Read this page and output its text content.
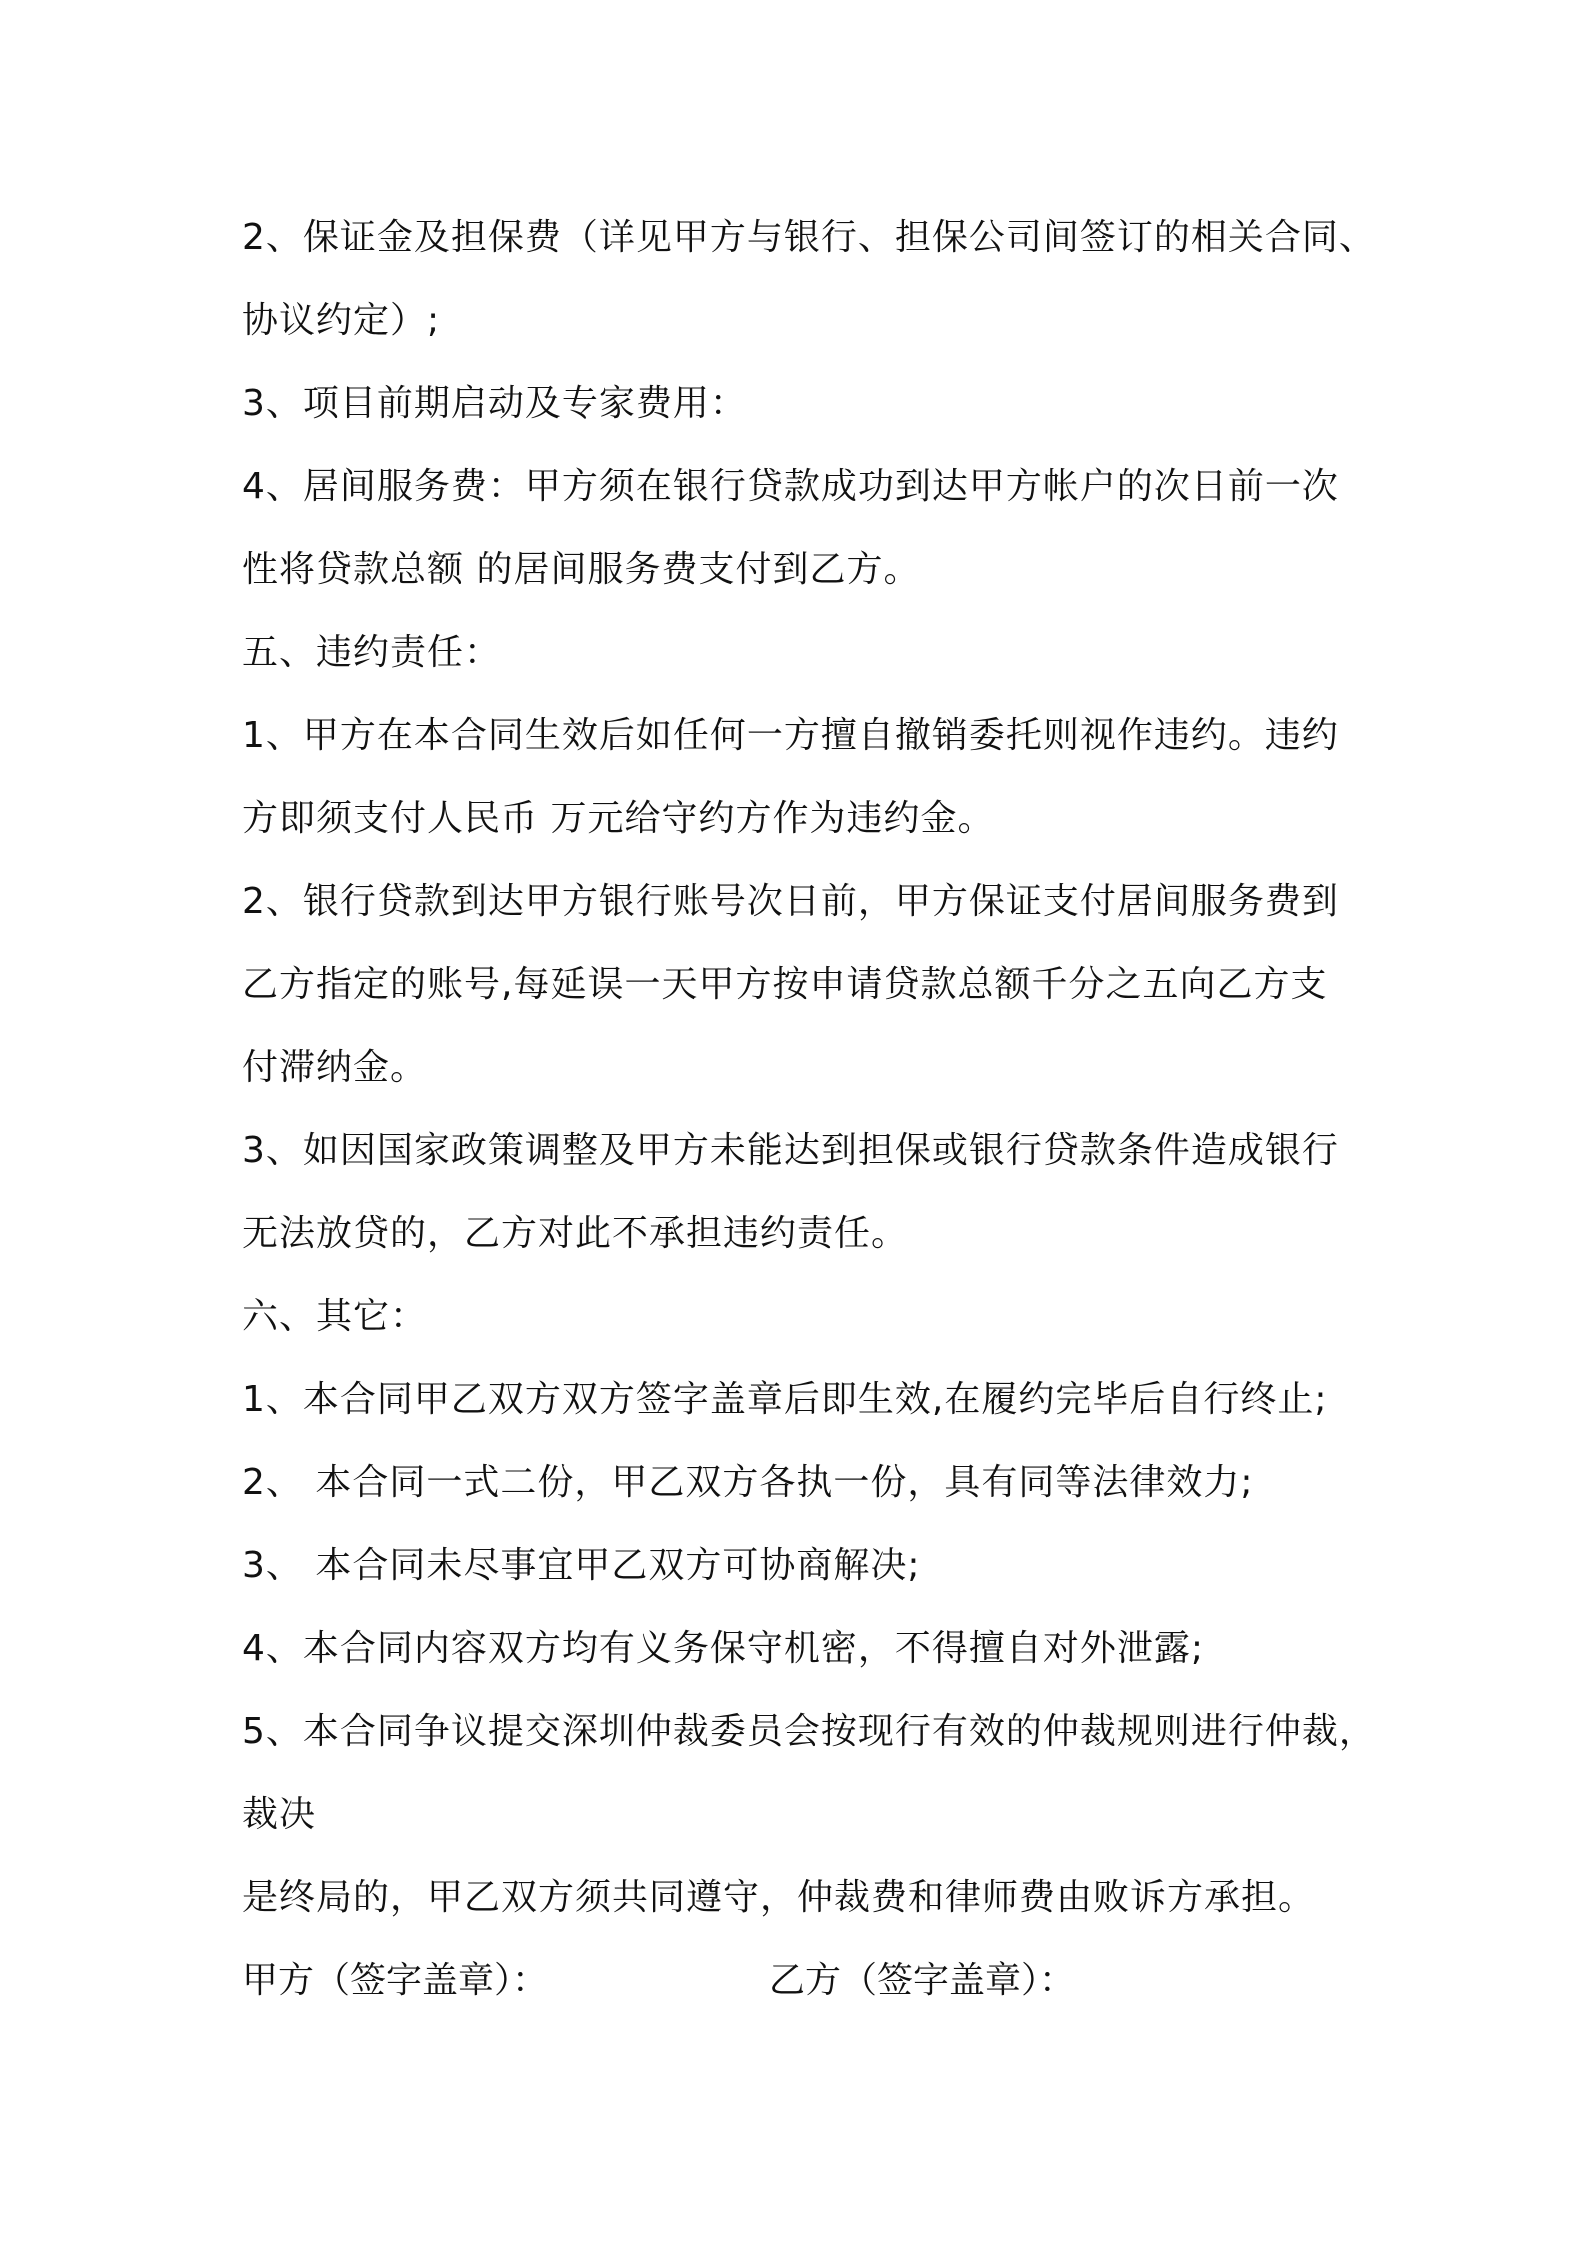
2、保证金及担保费（详见甲方与银行、担保公司间签订的相关合同、
协议约定）;
3、项目前期启动及专家费用：
4、居间服务费：甲方须在银行贷款成功到达甲方帐户的次日前一次
性将贷款总额 的居间服务费支付到乙方。
五、违约责任：
1、甲方在本合同生效后如任何一方擅自撤销委托则视作违约。违约
方即须支付人民币 万元给守约方作为违约金。
2、银行贷款到达甲方银行账号次日前，甲方保证支付居间服务费到
乙方指定的账号,每延误一天甲方按申请贷款总额千分之五向乙方支
付滞纳金。
3、如因国家政策调整及甲方未能达到担保或银行贷款条件造成银行
无法放贷的，乙方对此不承担违约责任。
六、其它：
1、本合同甲乙双方双方签字盖章后即生效,在履约完毕后自行终止;
2、 本合同一式二份，甲乙双方各执一份，具有同等法律效力;
3、 本合同未尽事宜甲乙双方可协商解决;
4、本合同内容双方均有义务保守机密，不得擅自对外泄露;
5、本合同争议提交深圳仲裁委员会按现行有效的仲裁规则进行仲裁，
裁决
是终局的，甲乙双方须共同遵守，仲裁费和律师费由败诉方承担。
甲方（签字盖章）：	乙方（签字盖章）：
